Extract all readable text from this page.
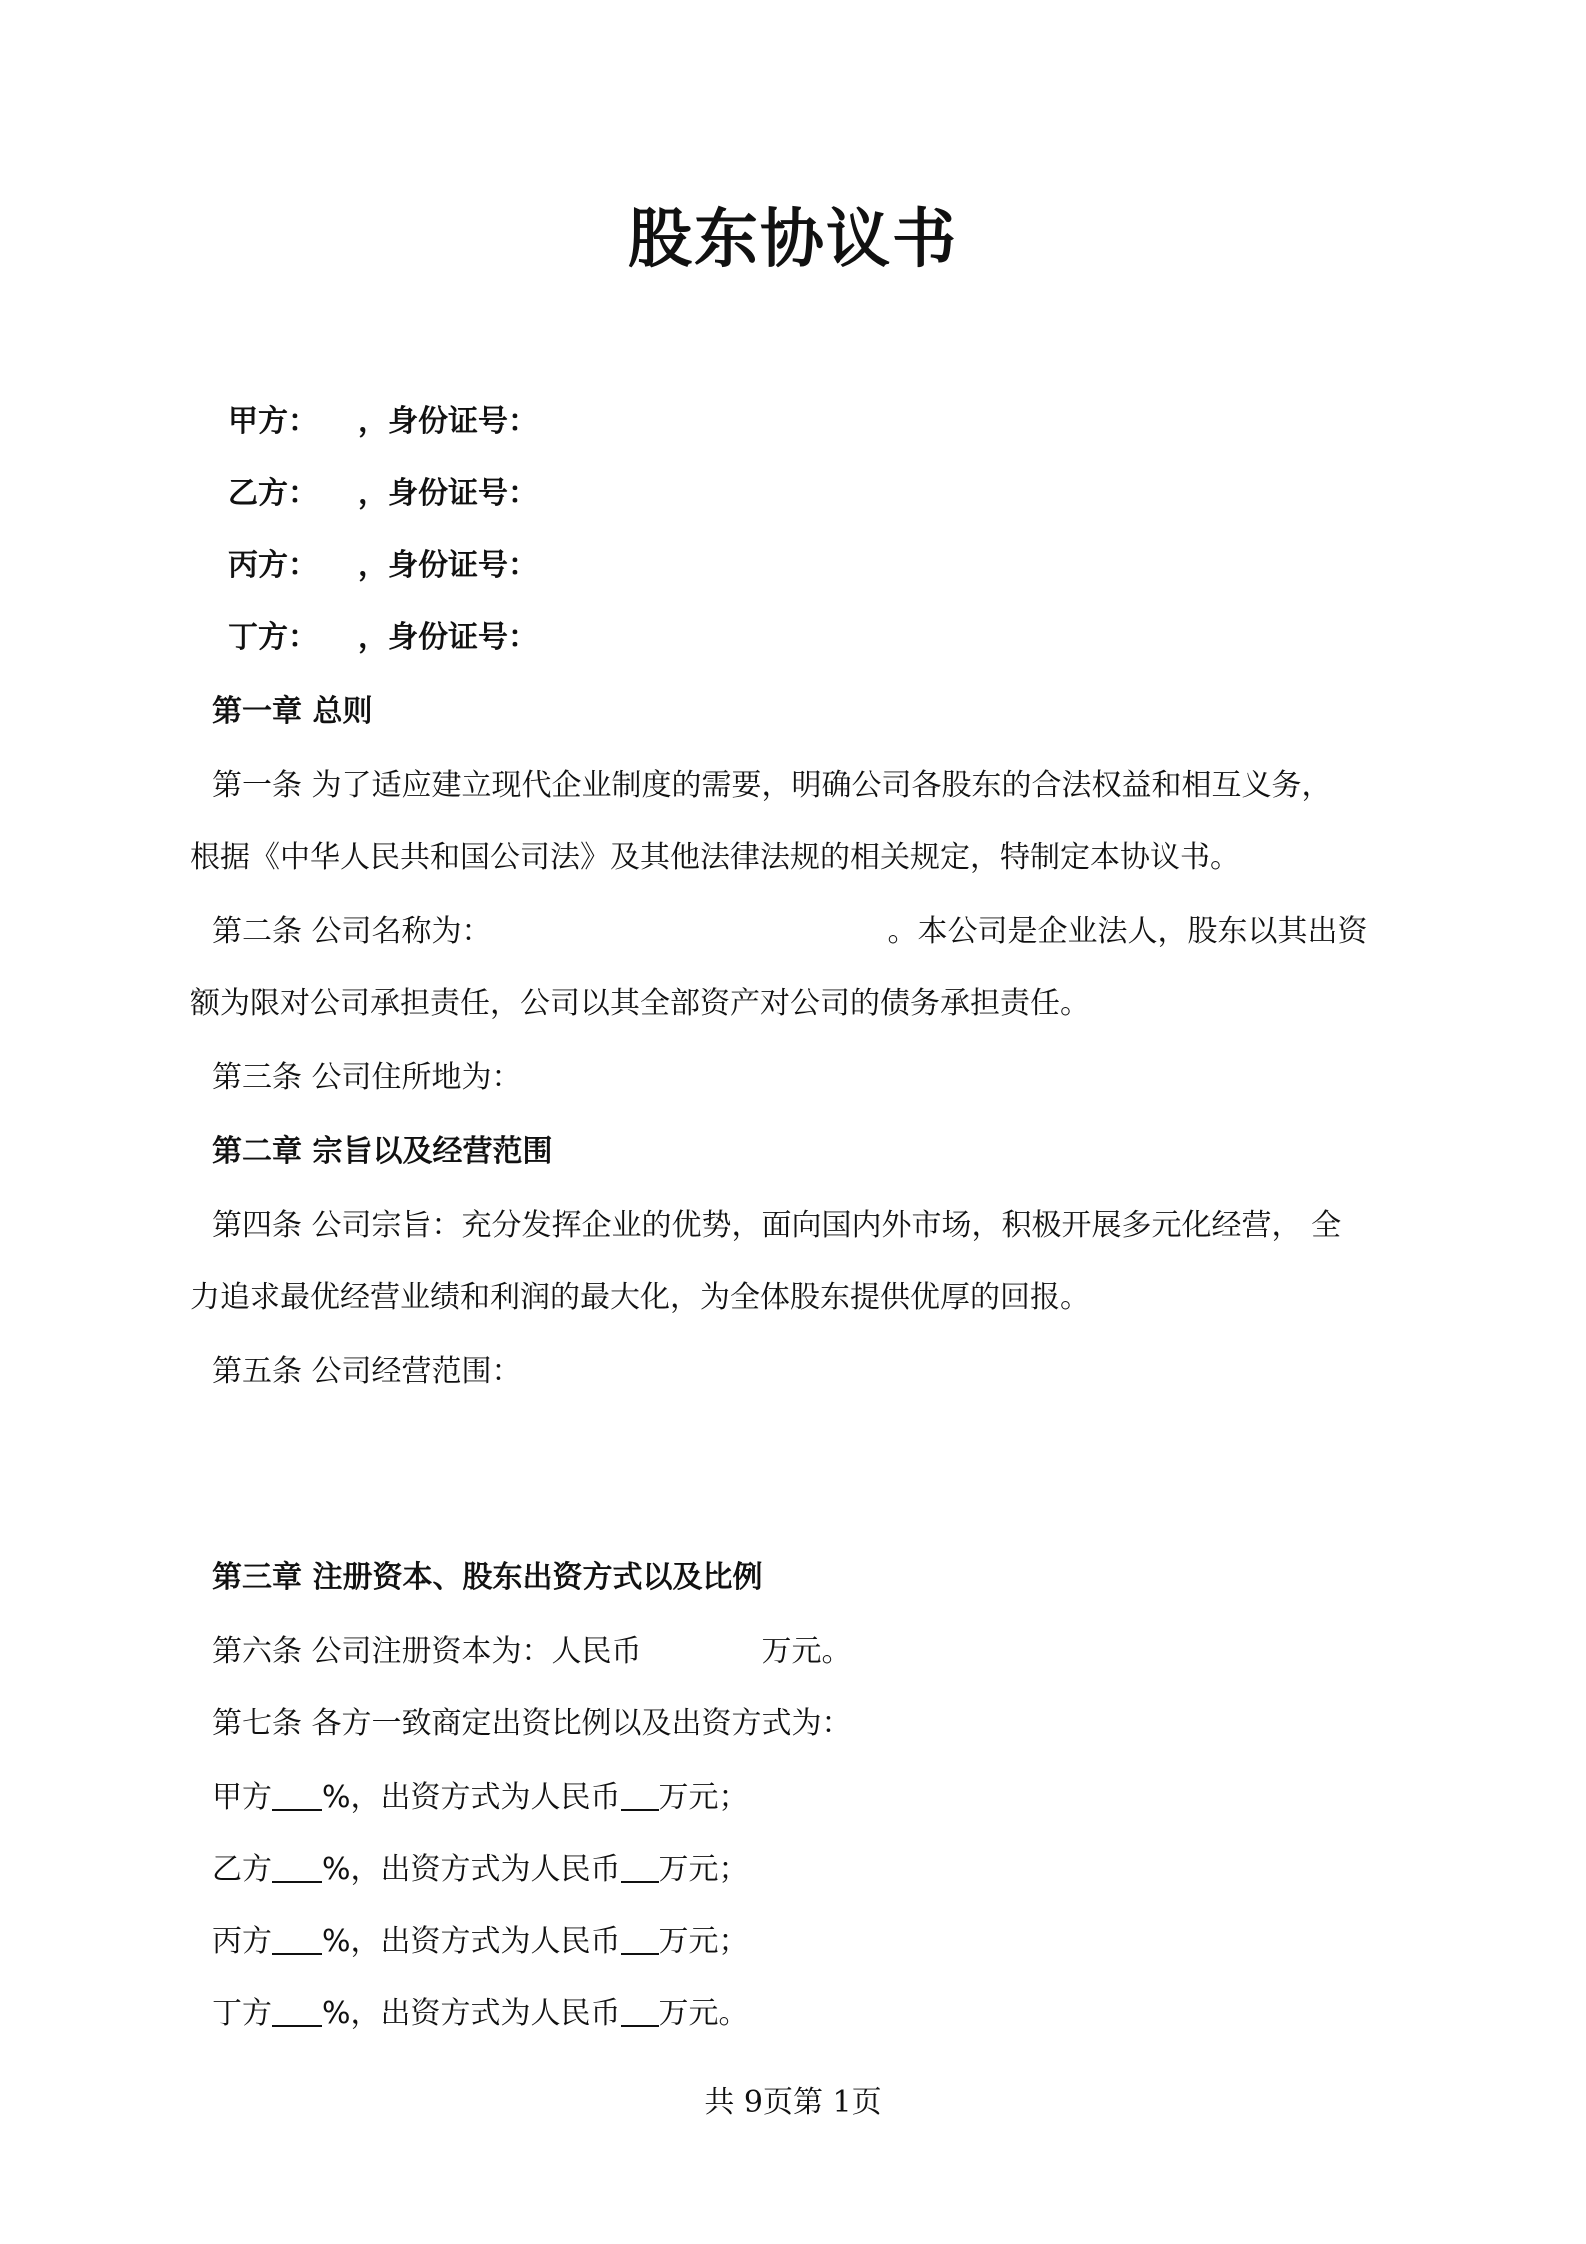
股东协议书
甲方： ，身份证号：
乙方： ，身份证号：
丙方： ，身份证号：
丁方： ，身份证号：
第一章 总则
第一条 为了适应建立现代企业制度的需要，明确公司各股东的合法权益和相互义务，
根据《中华人民共和国公司法》及其他法律法规的相关规定，特制定本协议书。
第二条 公司名称为：	。本公司是企业法人，股东以其出资
额为限对公司承担责任，公司以其全部资产对公司的债务承担责任。
第三条 公司住所地为：
第二章 宗旨以及经营范围
第四条 公司宗旨：充分发挥企业的优势，面向国内外市场，积极开展多元化经营， 全
力追求最优经营业绩和利润的最大化，为全体股东提供优厚的回报。
第五条 公司经营范围：
第三章 注册资本、股东出资方式以及比例
第六条 公司注册资本为：人民币	万元。
第七条 各方一致商定出资比例以及出资方式为：
甲方 %，出资方式为人民币 万元；
乙方 %，出资方式为人民币 万元；
丙方 %，出资方式为人民币 万元；
丁方 %，出资方式为人民币 万元。
共 9页第 1页
